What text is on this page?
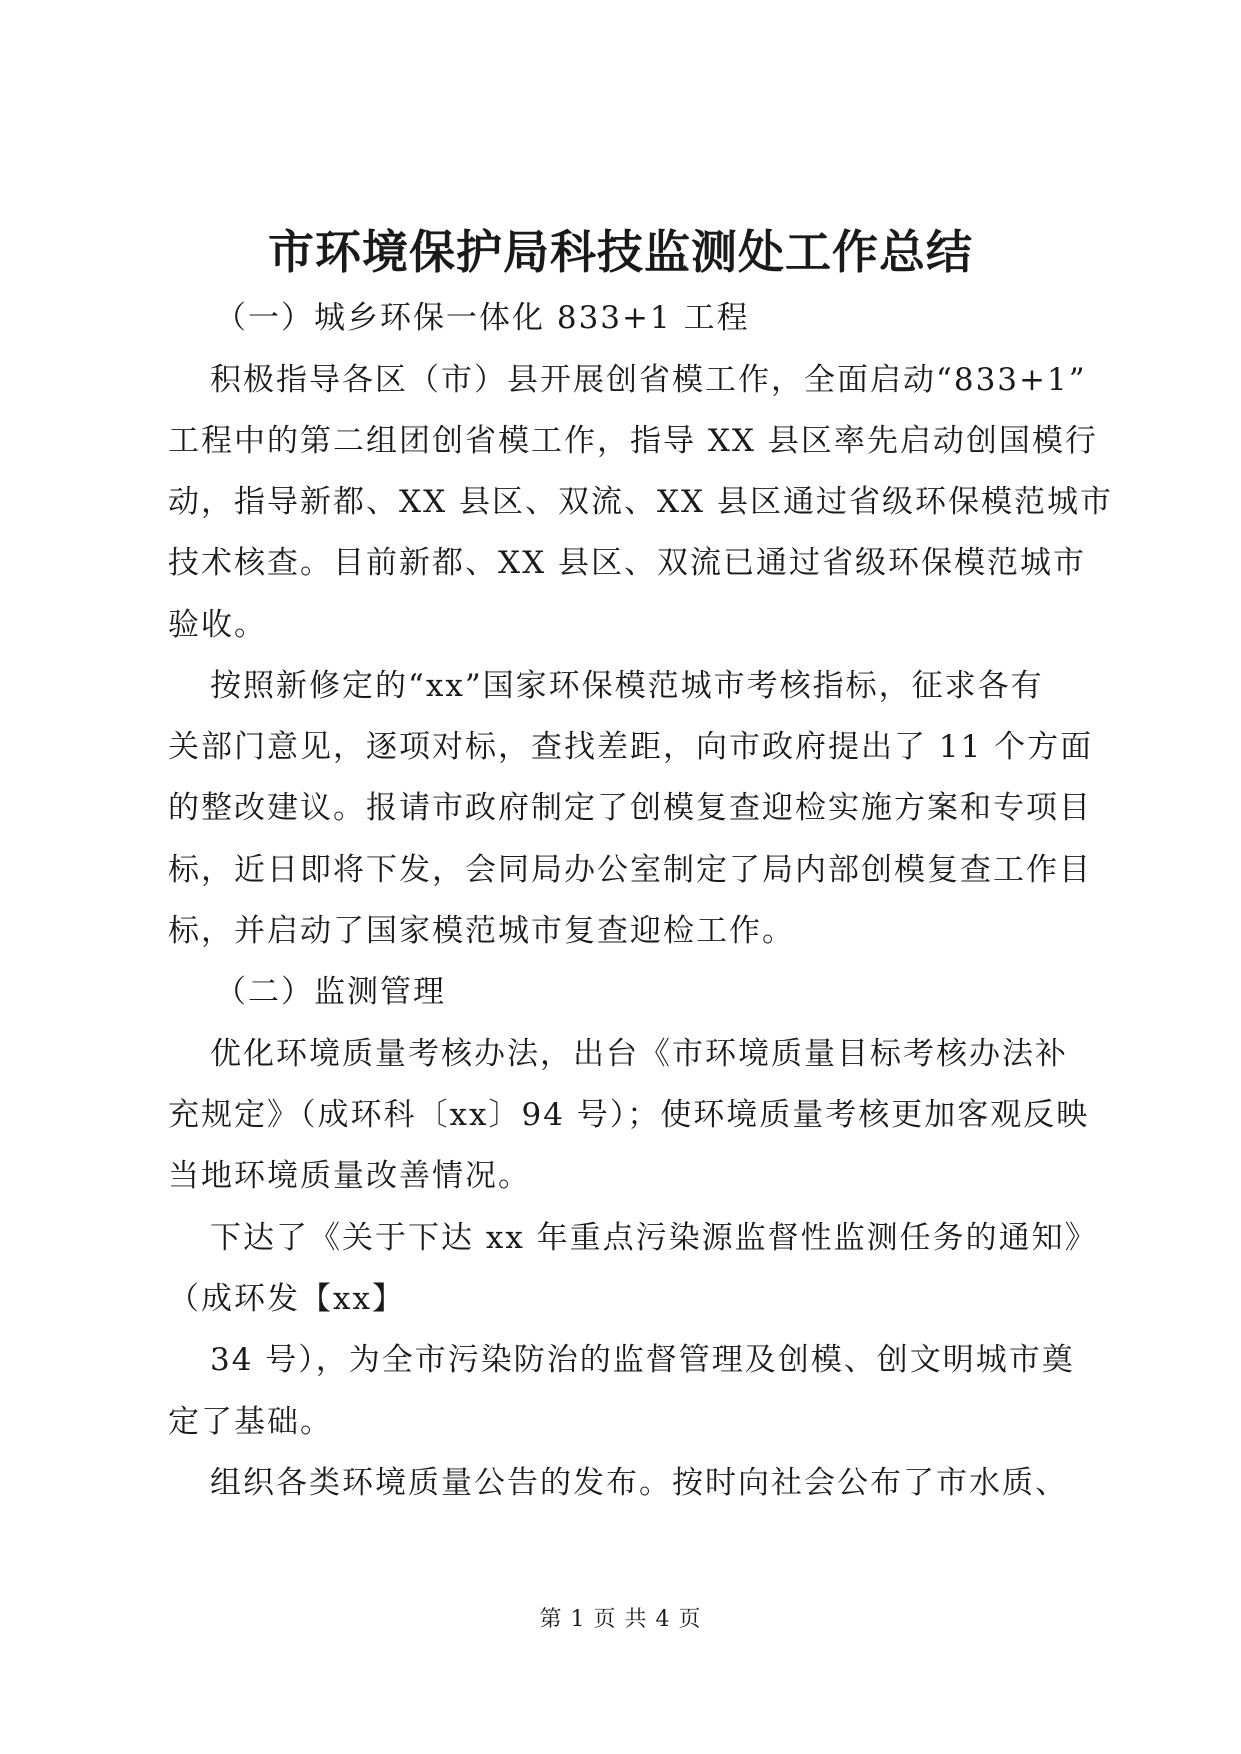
市环境保护局科技监测处工作总结
（一）城乡环保一体化 833+1 工程
积极指导各区（市）县开展创省模工作，全面启动“833+1”
工程中的第二组团创省模工作，指导 XX 县区率先启动创国模行
动，指导新都、XX 县区、双流、XX 县区通过省级环保模范城市
技术核查。目前新都、XX 县区、双流已通过省级环保模范城市
验收。
按照新修定的“xx”国家环保模范城市考核指标，征求各有
关部门意见，逐项对标，查找差距，向市政府提出了 11 个方面
的整改建议。报请市政府制定了创模复查迎检实施方案和专项目
标，近日即将下发，会同局办公室制定了局内部创模复查工作目
标，并启动了国家模范城市复查迎检工作。
（二）监测管理
优化环境质量考核办法，出台《市环境质量目标考核办法补
充规定》（成环科〔xx〕94 号）；使环境质量考核更加客观反映
当地环境质量改善情况。
下达了《关于下达 xx 年重点污染源监督性监测任务的通知》
（成环发【xx】
34 号），为全市污染防治的监督管理及创模、创文明城市奠
定了基础。
组织各类环境质量公告的发布。按时向社会公布了市水质、
第 1 页 共 4 页
